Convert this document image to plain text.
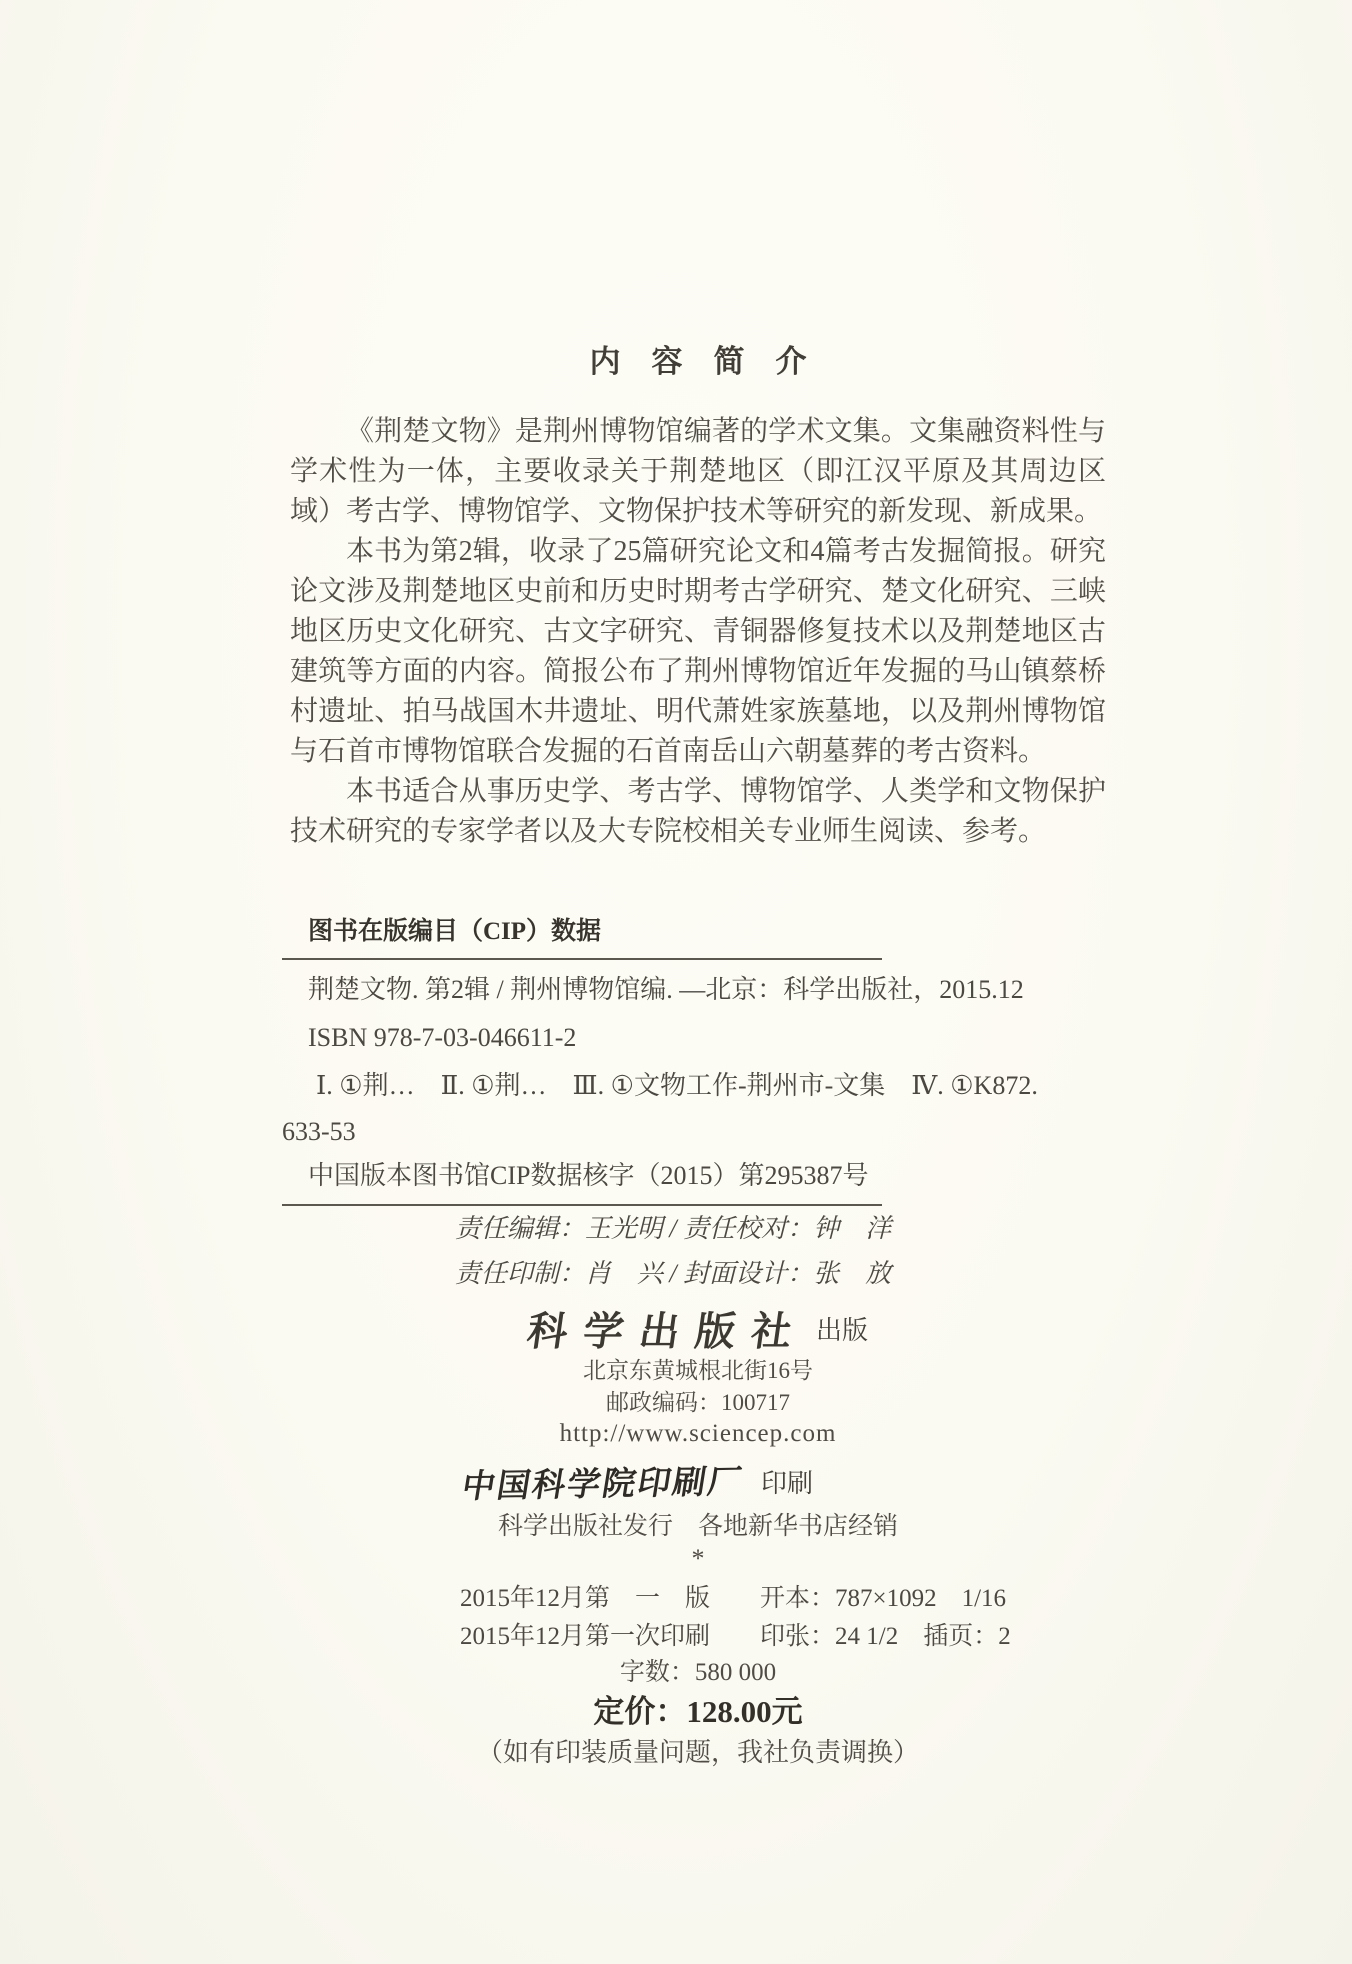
内　容　简　介

《荆楚文物》是荆州博物馆编著的学术文集。文集融资料性与学术性为一体，主要收录关于荆楚地区（即江汉平原及其周边区域）考古学、博物馆学、文物保护技术等研究的新发现、新成果。

本书为第2辑，收录了25篇研究论文和4篇考古发掘简报。研究论文涉及荆楚地区史前和历史时期考古学研究、楚文化研究、三峡地区历史文化研究、古文字研究、青铜器修复技术以及荆楚地区古建筑等方面的内容。简报公布了荆州博物馆近年发掘的马山镇蔡桥村遗址、拍马战国木井遗址、明代萧姓家族墓地，以及荆州博物馆与石首市博物馆联合发掘的石首南岳山六朝墓葬的考古资料。

本书适合从事历史学、考古学、博物馆学、人类学和文物保护技术研究的专家学者以及大专院校相关专业师生阅读、参考。

图书在版编目（CIP）数据
荆楚文物. 第2辑 / 荆州博物馆编. —北京：科学出版社，2015.12
ISBN 978-7-03-046611-2
Ⅰ. ①荆…　Ⅱ. ①荆…　Ⅲ. ①文物工作-荆州市-文集　Ⅳ. ①K872.
633-53
中国版本图书馆CIP数据核字（2015）第295387号
责任编辑：王光明 / 责任校对：钟　洋
责任印制：肖　兴 / 封面设计：张　放
科学出版社 出版
北京东黄城根北街16号
邮政编码：100717
http://www.sciencep.com
中国科学院印刷厂 印刷
科学出版社发行　各地新华书店经销
*
2015年12月第　一　版	开本：787×1092　1/16
2015年12月第一次印刷	印张：24 1/2　插页：2
字数：580 000
定价：128.00元
（如有印装质量问题，我社负责调换）
